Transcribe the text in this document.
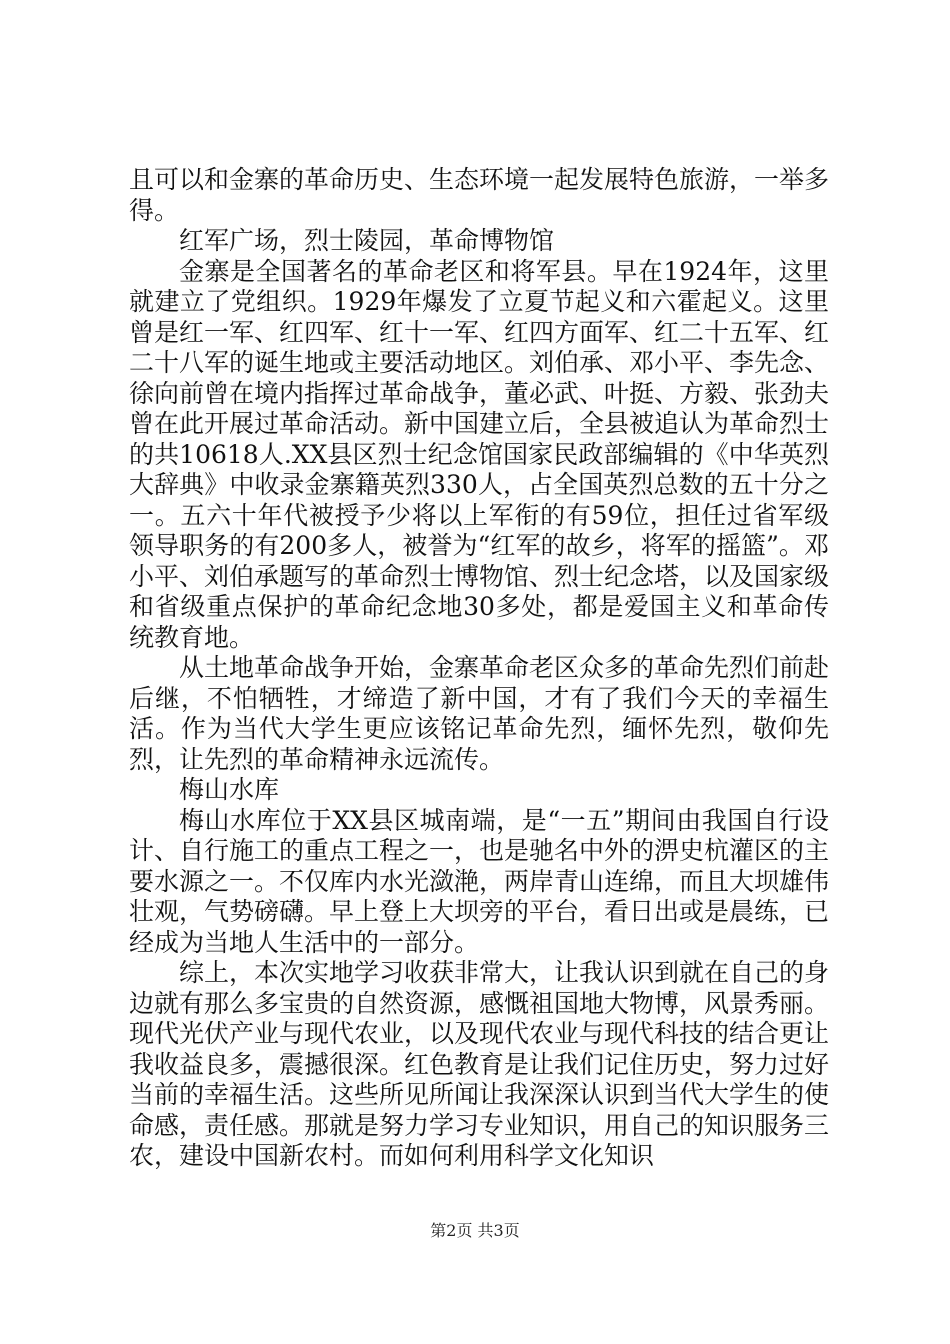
且可以和金寨的革命历史、生态环境一起发展特色旅游，一举多得。

红军广场，烈士陵园，革命博物馆

金寨是全国著名的革命老区和将军县。早在1924年，这里就建立了党组织。1929年爆发了立夏节起义和六霍起义。这里曾是红一军、红四军、红十一军、红四方面军、红二十五军、红二十八军的诞生地或主要活动地区。刘伯承、邓小平、李先念、徐向前曾在境内指挥过革命战争，董必武、叶挺、方毅、张劲夫曾在此开展过革命活动。新中国建立后，全县被追认为革命烈士的共10618人.XX县区烈士纪念馆国家民政部编辑的《中华英烈大辞典》中收录金寨籍英烈330人，占全国英烈总数的五十分之一。五六十年代被授予少将以上军衔的有59位，担任过省军级领导职务的有200多人，被誉为“红军的故乡，将军的摇篮”。邓小平、刘伯承题写的革命烈士博物馆、烈士纪念塔，以及国家级和省级重点保护的革命纪念地30多处，都是爱国主义和革命传统教育地。

从土地革命战争开始，金寨革命老区众多的革命先烈们前赴后继，不怕牺牲，才缔造了新中国，才有了我们今天的幸福生活。作为当代大学生更应该铭记革命先烈，缅怀先烈，敬仰先烈，让先烈的革命精神永远流传。

梅山水库

梅山水库位于XX县区城南端，是“一五”期间由我国自行设计、自行施工的重点工程之一，也是驰名中外的淠史杭灌区的主要水源之一。不仅库内水光潋滟，两岸青山连绵，而且大坝雄伟壮观，气势磅礴。早上登上大坝旁的平台，看日出或是晨练，已经成为当地人生活中的一部分。

综上，本次实地学习收获非常大，让我认识到就在自己的身边就有那么多宝贵的自然资源，感慨祖国地大物博，风景秀丽。现代光伏产业与现代农业，以及现代农业与现代科技的结合更让我收益良多，震撼很深。红色教育是让我们记住历史，努力过好当前的幸福生活。这些所见所闻让我深深认识到当代大学生的使命感，责任感。那就是努力学习专业知识，用自己的知识服务三农，建设中国新农村。而如何利用科学文化知识

第2页 共3页
